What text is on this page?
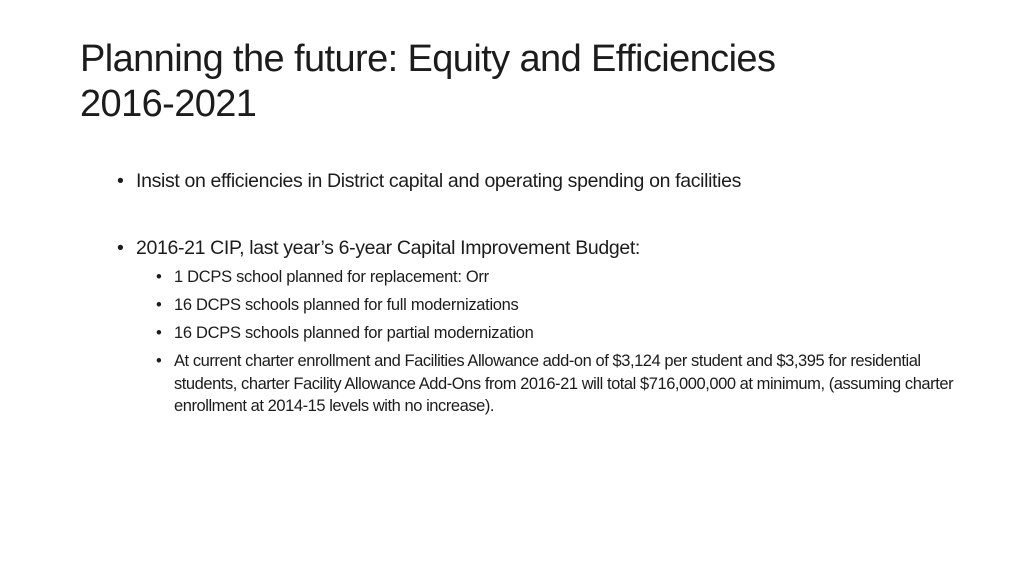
Planning the future: Equity and Efficiencies
2016-2021
• Insist on efficiencies in District capital and operating spending on facilities
• 2016-21 CIP, last year’s 6-year Capital Improvement Budget:
• 1 DCPS school planned for replacement: Orr
• 16 DCPS schools planned for full modernizations
• 16 DCPS schools planned for partial modernization
• At current charter enrollment and Facilities Allowance add-on of $3,124 per student and $3,395 for residential students, charter Facility Allowance Add-Ons from 2016-21 will total $716,000,000 at minimum, (assuming charter enrollment at 2014-15 levels with no increase).
